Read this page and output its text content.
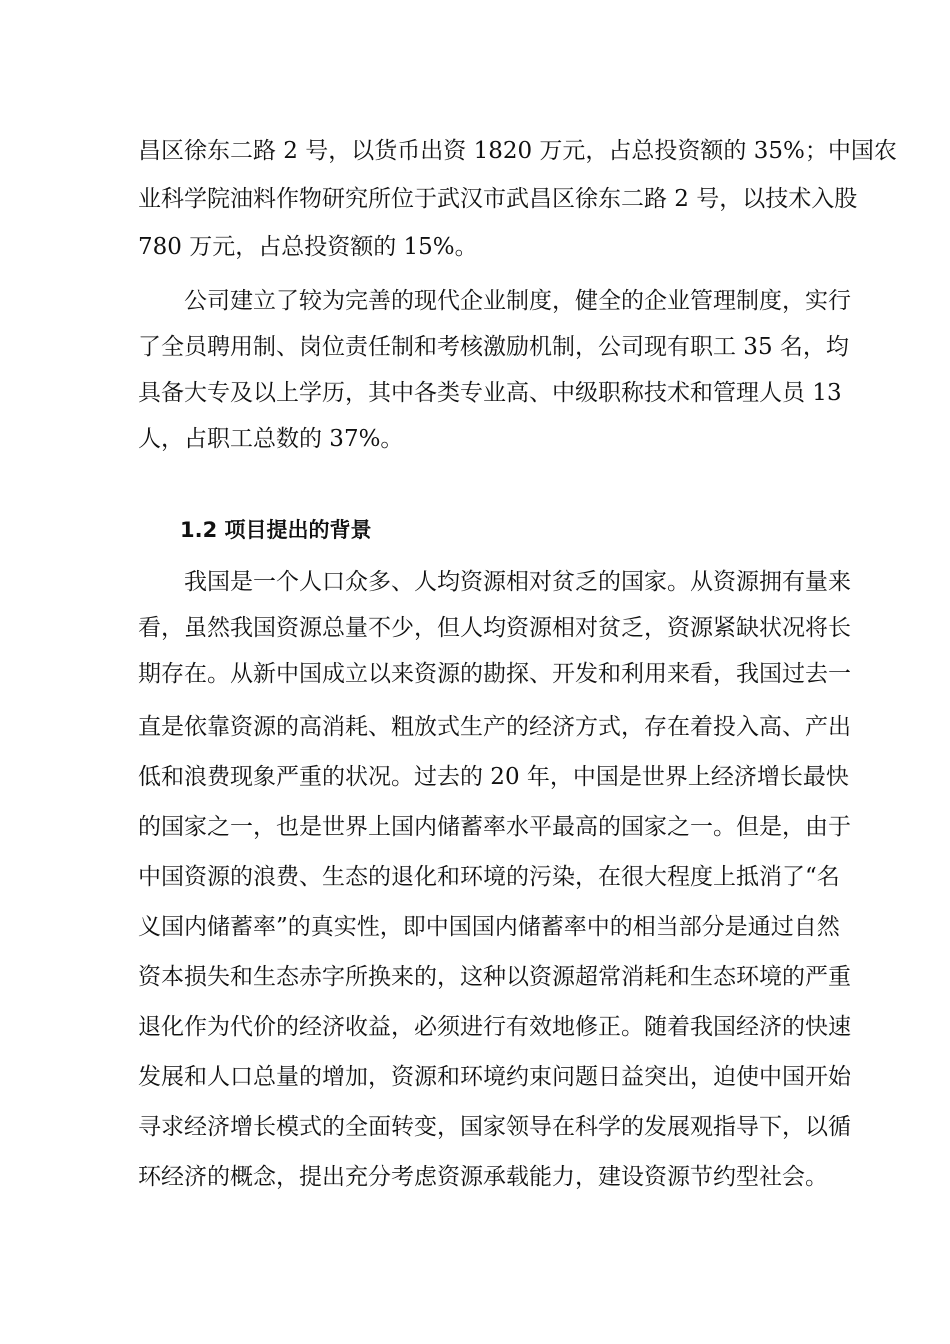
昌区徐东二路 2 号，以货币出资 1820 万元，占总投资额的 35%；中国农
业科学院油料作物研究所位于武汉市武昌区徐东二路 2 号，以技术入股
780 万元，占总投资额的 15%。
　　公司建立了较为完善的现代企业制度，健全的企业管理制度，实行
了全员聘用制、岗位责任制和考核激励机制，公司现有职工 35 名，均
具备大专及以上学历，其中各类专业高、中级职称技术和管理人员 13
人，占职工总数的 37%。
1.2 项目提出的背景
　　我国是一个人口众多、人均资源相对贫乏的国家。从资源拥有量来
看，虽然我国资源总量不少，但人均资源相对贫乏，资源紧缺状况将长
期存在。从新中国成立以来资源的勘探、开发和利用来看，我国过去一
直是依靠资源的高消耗、粗放式生产的经济方式，存在着投入高、产出
低和浪费现象严重的状况。过去的 20 年，中国是世界上经济增长最快
的国家之一，也是世界上国内储蓄率水平最高的国家之一。但是，由于
中国资源的浪费、生态的退化和环境的污染，在很大程度上抵消了“名
义国内储蓄率”的真实性，即中国国内储蓄率中的相当部分是通过自然
资本损失和生态赤字所换来的，这种以资源超常消耗和生态环境的严重
退化作为代价的经济收益，必须进行有效地修正。随着我国经济的快速
发展和人口总量的增加，资源和环境约束问题日益突出，迫使中国开始
寻求经济增长模式的全面转变，国家领导在科学的发展观指导下，以循
环经济的概念，提出充分考虑资源承载能力，建设资源节约型社会。
